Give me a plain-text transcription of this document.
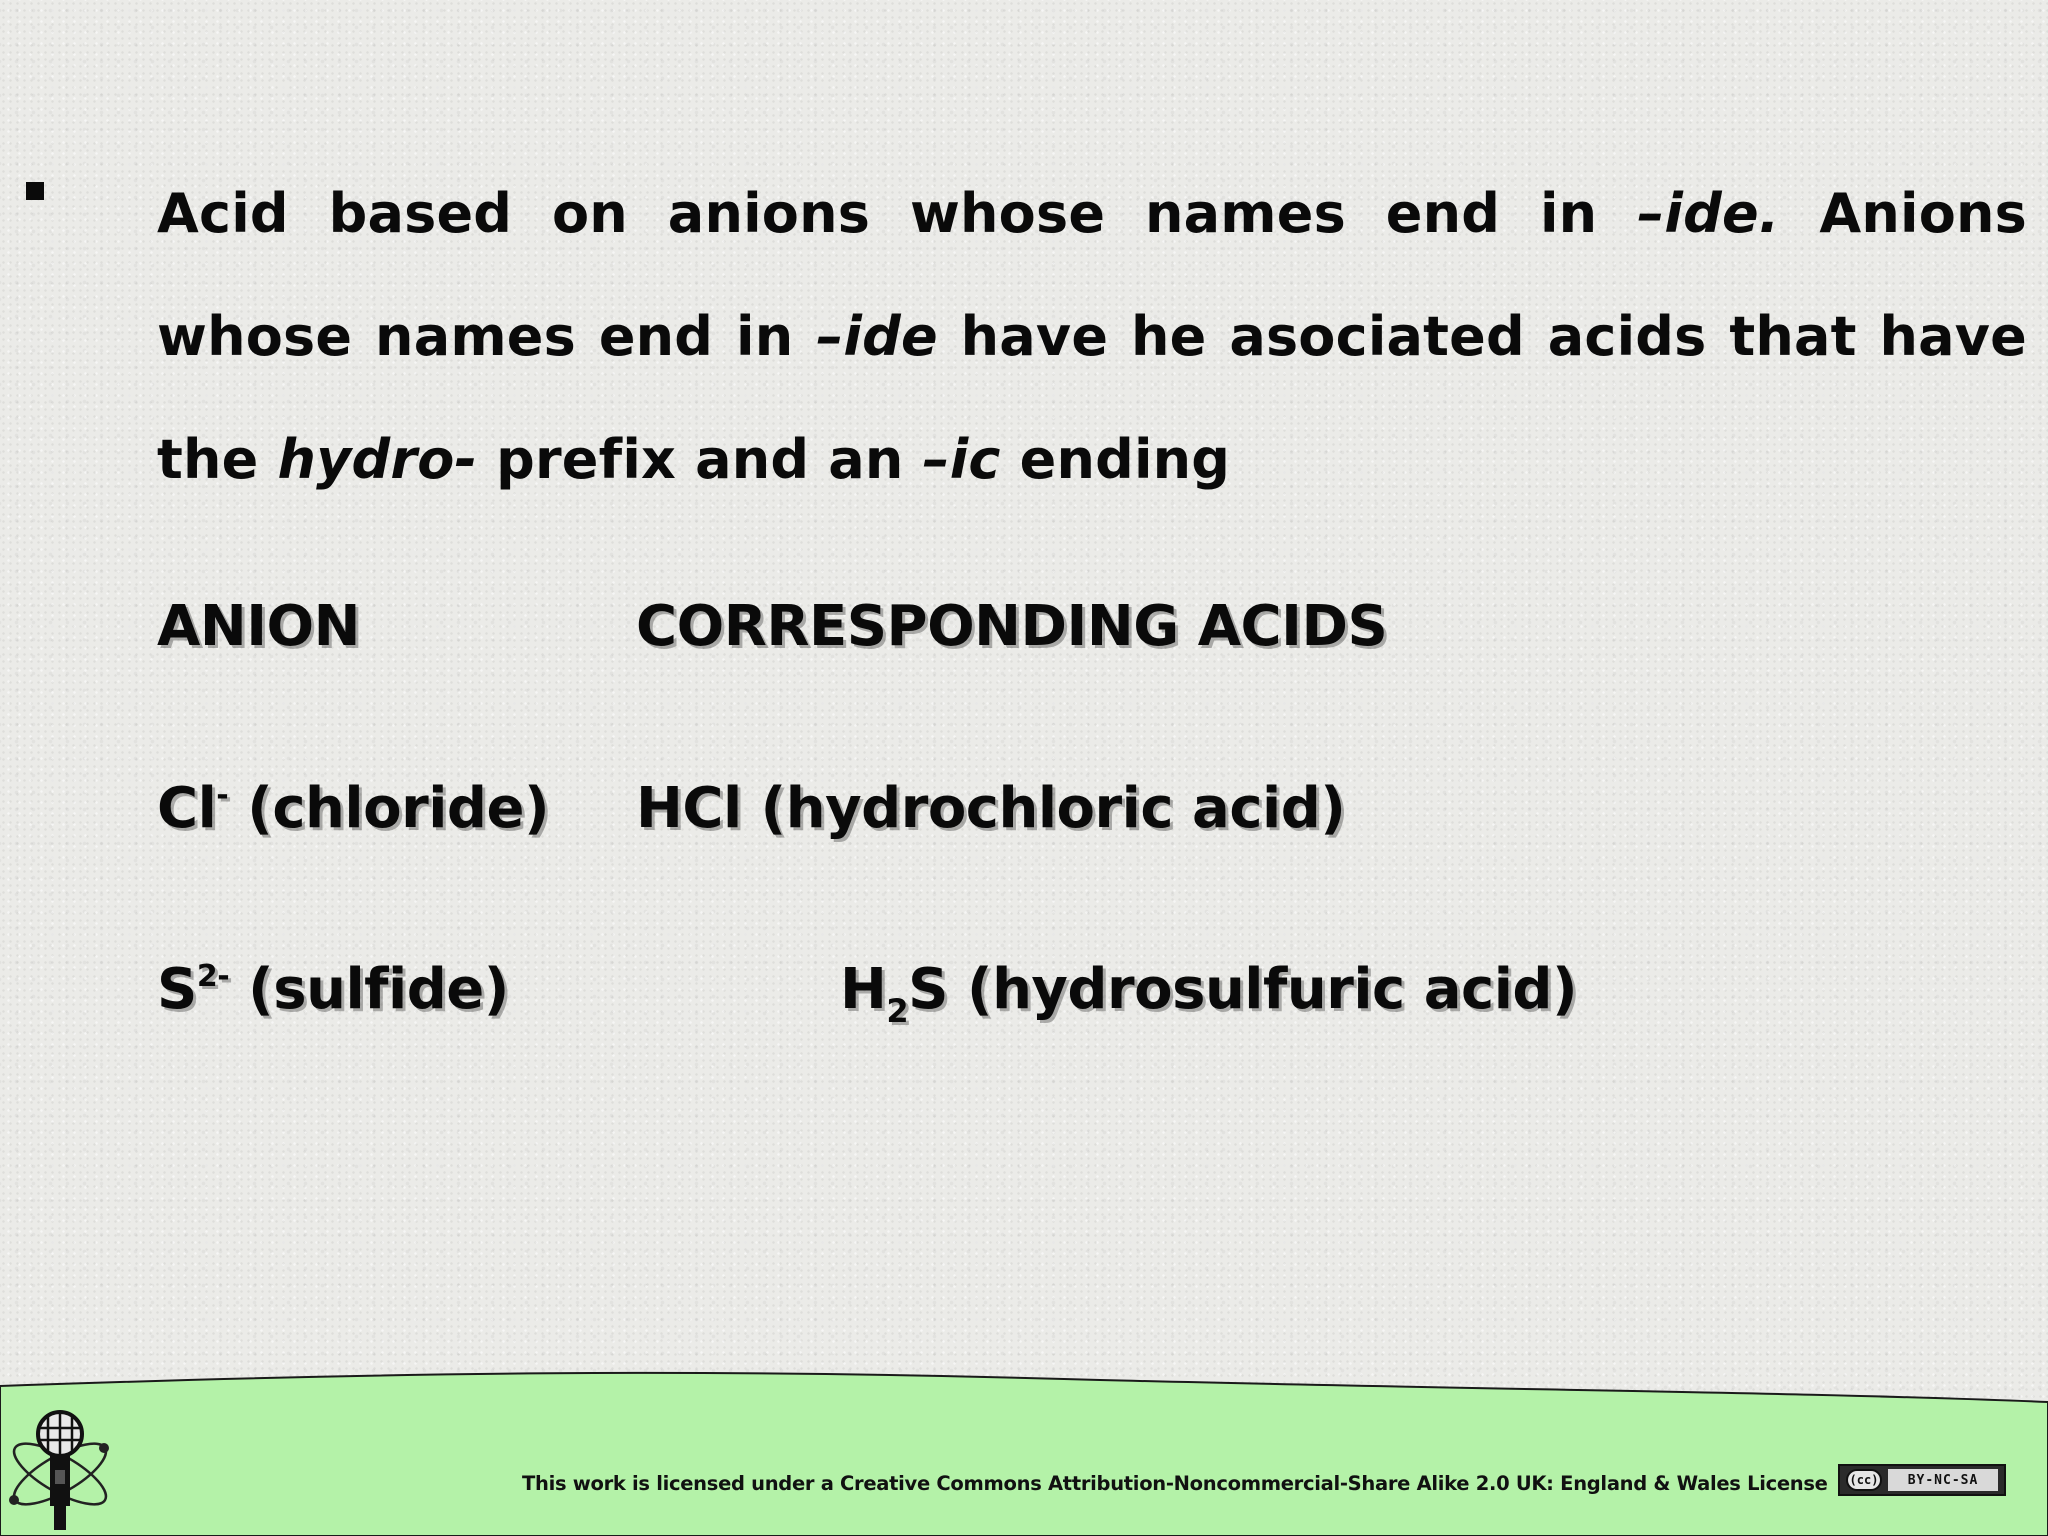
Acid based on anions whose names end in –ide. Anions whose names end in –ide have he asociated acids that have the hydro- prefix and an –ic ending

ANION	CORRESPONDING ACIDS
Cl- (chloride) HCl (hydrochloric acid)
$S^{2-}$ (sulfide)	$H_2S$ (hydrosulfuric acid)
This work is licensed under a Creative Commons Attribution-Noncommercial-Share Alike 2.0 UK: England & Wales License (cc)	BY-NC-SA
